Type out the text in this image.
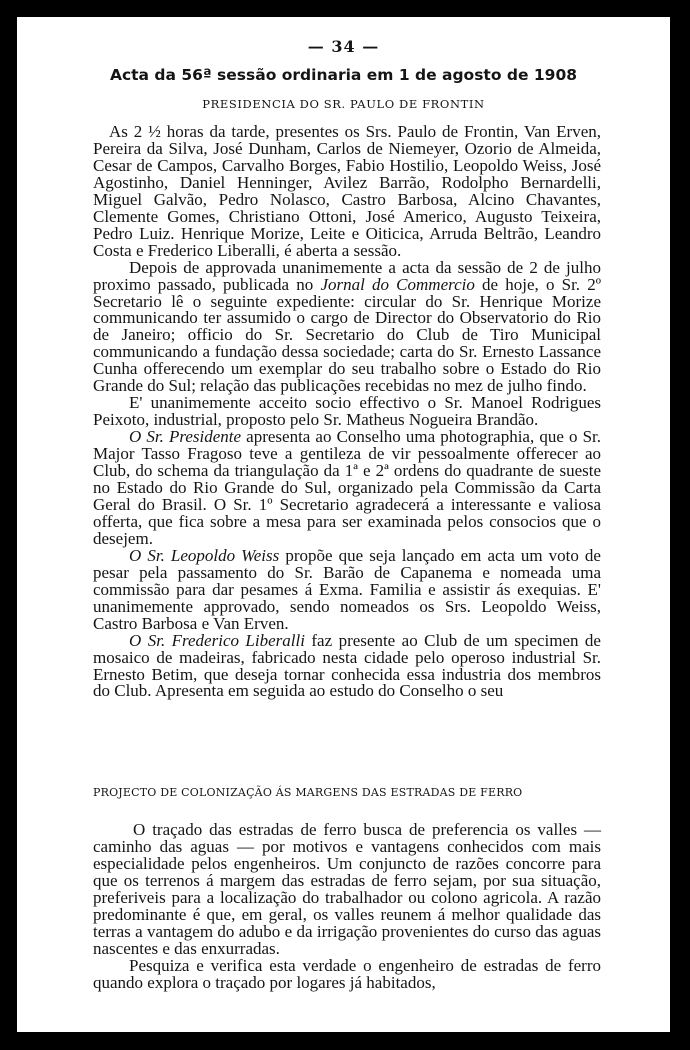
— 34 —
Acta da 56ª sessão ordinaria em 1 de agosto de 1908
PRESIDENCIA DO SR. PAULO DE FRONTIN

As 2 ½ horas da tarde, presentes os Srs. Paulo de Frontin, Van Erven, Pereira da Silva, José Dunham, Carlos de Niemeyer, Ozorio de Almeida, Cesar de Campos, Carvalho Borges, Fabio Hostilio, Leopoldo Weiss, José Agostinho, Daniel Henninger, Avilez Barrão, Rodolpho Bernardelli, Miguel Galvão, Pedro Nolasco, Castro Barbosa, Alcino Chavantes, Clemente Gomes, Christiano Ottoni, José Americo, Augusto Teixeira, Pedro Luiz. Henrique Morize, Leite e Oiticica, Arruda Beltrão, Leandro Costa e Frederico Liberalli, é aberta a sessão.

Depois de approvada unanimemente a acta da sessão de 2 de julho proximo passado, publicada no Jornal do Commercio de hoje, o Sr. 2º Secretario lê o seguinte expediente: circular do Sr. Henrique Morize communicando ter assumido o cargo de Director do Observatorio do Rio de Janeiro; officio do Sr. Secretario do Club de Tiro Municipal communicando a fundação dessa sociedade; carta do Sr. Ernesto Lassance Cunha offerecendo um exemplar do seu trabalho sobre o Estado do Rio Grande do Sul; relação das publicações recebidas no mez de julho findo.

E' unanimemente acceito socio effectivo o Sr. Manoel Rodrigues Peixoto, industrial, proposto pelo Sr. Matheus Nogueira Brandão.

O Sr. Presidente apresenta ao Conselho uma photographia, que o Sr. Major Tasso Fragoso teve a gentileza de vir pessoalmente offerecer ao Club, do schema da triangulação da 1ª e 2ª ordens do quadrante de sueste no Estado do Rio Grande do Sul, organizado pela Commissão da Carta Geral do Brasil. O Sr. 1º Secretario agradecerá a interessante e valiosa offerta, que fica sobre a mesa para ser examinada pelos consocios que o desejem.

O Sr. Leopoldo Weiss propõe que seja lançado em acta um voto de pesar pela passamento do Sr. Barão de Capanema e nomeada uma commissão para dar pesames á Exma. Familia e assistir ás exequias. E' unanimemente approvado, sendo nomeados os Srs. Leopoldo Weiss, Castro Barbosa e Van Erven.

O Sr. Frederico Liberalli faz presente ao Club de um specimen de mosaico de madeiras, fabricado nesta cidade pelo operoso industrial Sr. Ernesto Betim, que deseja tornar conhecida essa industria dos membros do Club. Apresenta em seguida ao estudo do Conselho o seu

PROJECTO DE COLONIZAÇÃO ÁS MARGENS DAS ESTRADAS DE FERRO

O traçado das estradas de ferro busca de preferencia os valles — caminho das aguas — por motivos e vantagens conhecidos com mais especialidade pelos engenheiros. Um conjuncto de razões concorre para que os terrenos á margem das estradas de ferro sejam, por sua situação, preferiveis para a localização do trabalhador ou colono agricola. A razão predominante é que, em geral, os valles reunem á melhor qualidade das terras a vantagem do adubo e da irrigação provenientes do curso das aguas nascentes e das enxurradas.

Pesquiza e verifica esta verdade o engenheiro de estradas de ferro quando explora o traçado por logares já habitados,
